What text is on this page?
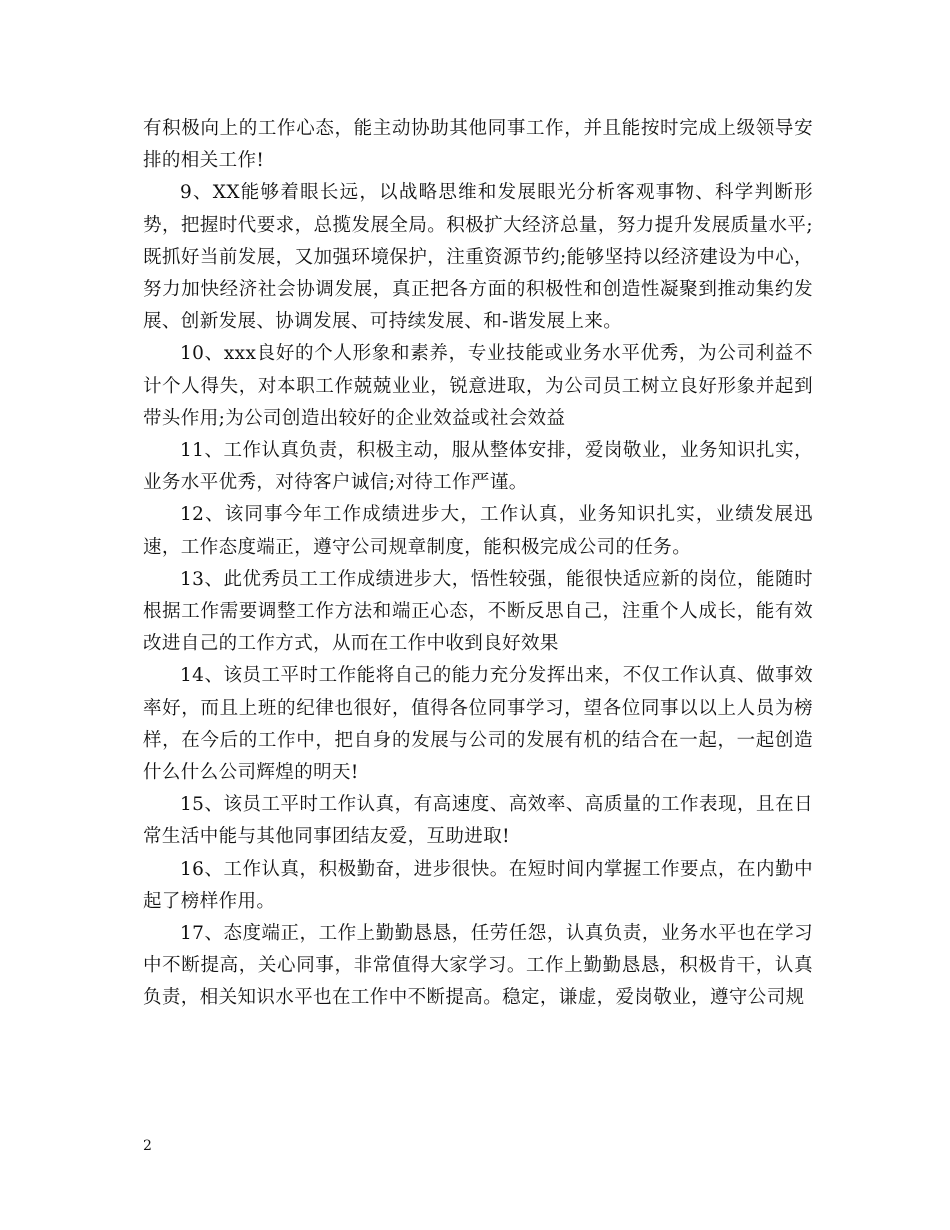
有积极向上的工作心态，能主动协助其他同事工作，并且能按时完成上级领导安排的相关工作!

9、XX能够着眼长远，以战略思维和发展眼光分析客观事物、科学判断形势，把握时代要求，总揽发展全局。积极扩大经济总量，努力提升发展质量水平;既抓好当前发展，又加强环境保护，注重资源节约;能够坚持以经济建设为中心，努力加快经济社会协调发展，真正把各方面的积极性和创造性凝聚到推动集约发展、创新发展、协调发展、可持续发展、和-谐发展上来。

10、xxx良好的个人形象和素养，专业技能或业务水平优秀，为公司利益不计个人得失，对本职工作兢兢业业，锐意进取，为公司员工树立良好形象并起到带头作用;为公司创造出较好的企业效益或社会效益

11、工作认真负责，积极主动，服从整体安排，爱岗敬业，业务知识扎实，业务水平优秀，对待客户诚信;对待工作严谨。

12、该同事今年工作成绩进步大，工作认真，业务知识扎实，业绩发展迅速，工作态度端正，遵守公司规章制度，能积极完成公司的任务。

13、此优秀员工工作成绩进步大，悟性较强，能很快适应新的岗位，能随时根据工作需要调整工作方法和端正心态，不断反思自己，注重个人成长，能有效改进自己的工作方式，从而在工作中收到良好效果

14、该员工平时工作能将自己的能力充分发挥出来，不仅工作认真、做事效率好，而且上班的纪律也很好，值得各位同事学习，望各位同事以以上人员为榜样，在今后的工作中，把自身的发展与公司的发展有机的结合在一起，一起创造什么什么公司辉煌的明天!

15、该员工平时工作认真，有高速度、高效率、高质量的工作表现，且在日常生活中能与其他同事团结友爱，互助进取!

16、工作认真，积极勤奋，进步很快。在短时间内掌握工作要点，在内勤中起了榜样作用。

17、态度端正，工作上勤勤恳恳，任劳任怨，认真负责，业务水平也在学习中不断提高，关心同事，非常值得大家学习。工作上勤勤恳恳，积极肯干，认真负责，相关知识水平也在工作中不断提高。稳定，谦虚，爱岗敬业，遵守公司规

2
